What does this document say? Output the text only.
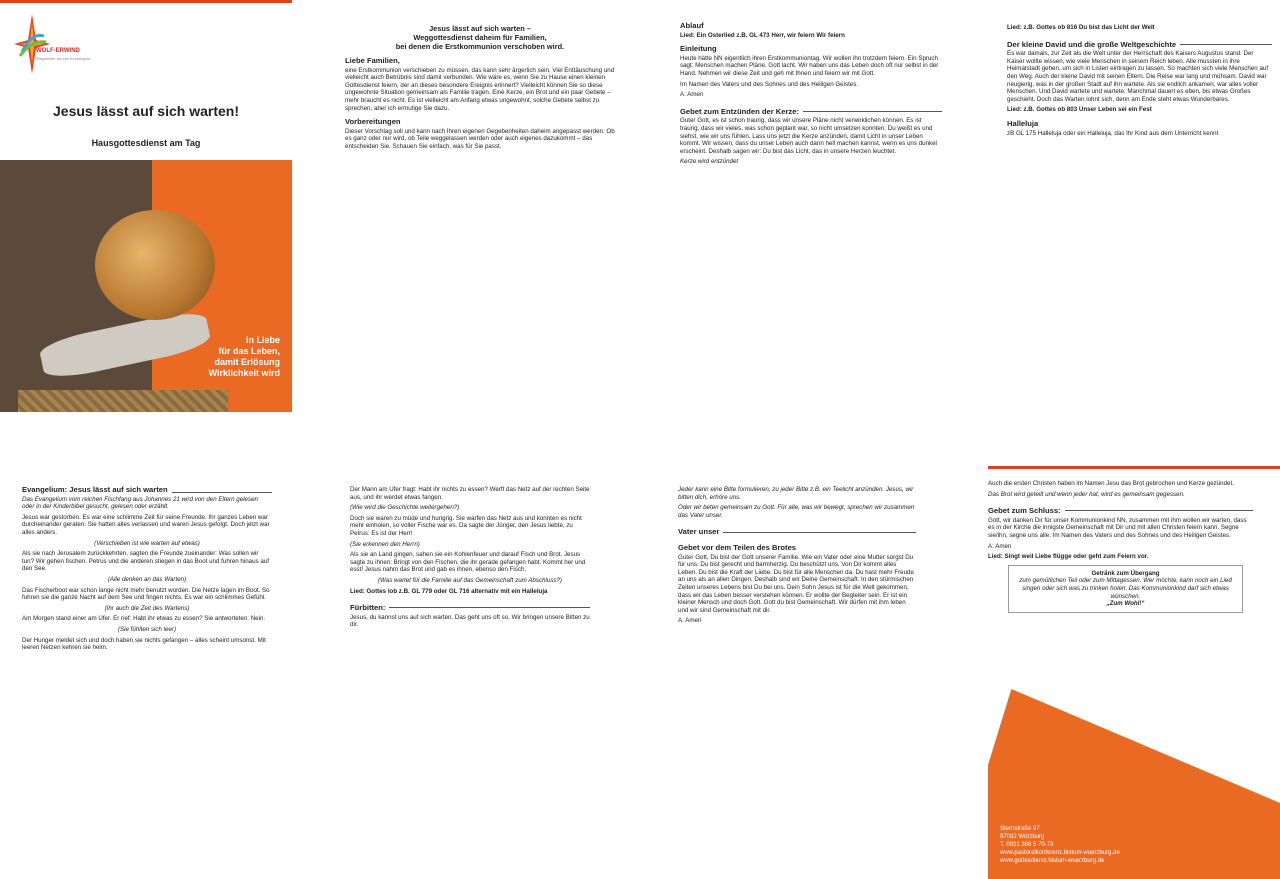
WOLF·ERWIND
Wegweiser durchs Kirchenjahr
Jesus lässt auf sich warten!
Hausgottesdienst am Tag
In Liebe
für das Leben,
damit Erlösung
Wirklichkeit wird
Jesus lässt auf sich warten –
Weggottesdienst daheim für Familien,
bei denen die Erstkommunion verschoben wird.
Liebe Familien,

eine Erstkommunion verschieben zu müssen, das kann sehr ärgerlich sein. Viel Enttäuschung und vielleicht auch Betrübnis sind damit verbunden. Wie wäre es, wenn Sie zu Hause einen kleinen Gottesdienst feiern, der an dieses besondere Ereignis erinnert? Vielleicht können Sie so diese ungewohnte Situation gemeinsam als Familie tragen. Eine Kerze, ein Brot und ein paar Gebete – mehr braucht es nicht. Es ist vielleicht am Anfang etwas ungewohnt, solche Gebete selbst zu sprechen, aber ich ermutige Sie dazu.

Vorbereitungen

Dieser Vorschlag soll und kann nach Ihren eigenen Gegebenheiten daheim angepasst werden. Ob es ganz oder nur wird, ob Teile weggelassen werden oder auch eigenes dazukommt – das entscheiden Sie. Schauen Sie einfach, was für Sie passt.

Ablauf

Lied: Ein Osterlied z.B. GL 473 Herr, wir feiern Wir feiern

Einleitung

Heute hätte NN eigentlich ihren Erstkommuniontag. Wir wollen ihn trotzdem feiern. Ein Spruch sagt: Menschen machen Pläne, Gott lacht. Wir haben uns das Leben doch oft nur selbst in der Hand. Nehmen wir diese Zeit und geh mit Ihnen und feiern wir mit Gott.

Im Namen des Vaters und des Sohnes und des Heiligen Geistes.

A: Amen

Gebet zum Entzünden der Kerze:

Guter Gott, es ist schon traurig, dass wir unsere Pläne nicht verwirklichen können. Es ist traurig, dass wir vieles, was schon geplant war, so nicht umsetzen konnten. Du weißt es und siehst, wie wir uns fühlen. Lass uns jetzt die Kerze anzünden, damit Licht in unser Leben kommt. Wir wissen, dass du unser Leben auch dann hell machen kannst, wenn es uns dunkel erscheint. Deshalb sagen wir: Du bist das Licht, das in unsere Herzen leuchtet.

Kerze wird entzündet

Lied: z.B. Gottes ob 816 Du bist das Licht der Welt

Der kleine David und die große Weltgeschichte

Es war damals, zur Zeit als die Welt unter der Herrschaft des Kaisers Augustus stand. Der Kaiser wollte wissen, wie viele Menschen in seinem Reich leben. Alle mussten in ihre Heimatstadt gehen, um sich in Listen eintragen zu lassen. So machten sich viele Menschen auf den Weg. Auch der kleine David mit seinen Eltern. Die Reise war lang und mühsam. David war neugierig, was in der großen Stadt auf ihn wartete. Als sie endlich ankamen, war alles voller Menschen. Und David wartete und wartete. Manchmal dauert es eben, bis etwas Großes geschieht. Doch das Warten lohnt sich, denn am Ende steht etwas Wunderbares.

Lied: z.B. Gottes ob 803 Unser Leben sei ein Fest

Halleluja

zB GL 175 Halleluja oder ein Halleluja, das Ihr Kind aus dem Unterricht kennt

Evangelium: Jesus lässt auf sich warten

Das Evangelium vom reichen Fischfang aus Johannes 21 wird von den Eltern gelesen oder in der Kinderbibel gesucht, gelesen oder erzählt.

Jesus war gestorben. Es war eine schlimme Zeit für seine Freunde. Ihr ganzes Leben war durcheinander geraten. Sie hatten alles verlassen und waren Jesus gefolgt. Doch jetzt war alles anders.

(Verschieben ist wie warten auf etwas)

Als sie nach Jerusalem zurückkehrten, sagten die Freunde zueinander: Was sollen wir tun? Wir gehen fischen. Petrus und die anderen stiegen in das Boot und fuhren hinaus auf den See.

(Alle denken an das Warten)

Das Fischerboot war schon lange nicht mehr benutzt worden. Die Netze lagen im Boot. So fuhren sie die ganze Nacht auf dem See und fingen nichts. Es war ein schlimmes Gefühl.

(Ihr auch die Zeit des Wartens)

Am Morgen stand einer am Ufer. Er rief: Habt ihr etwas zu essen? Sie antworteten: Nein.

(Sie fühlten sich leer)

Der Hunger meldet sich und doch haben sie nichts gefangen – alles scheint umsonst. Mit leeren Netzen kehren sie heim.

Der Mann am Ufer fragt: Habt ihr nichts zu essen? Werft das Netz auf der rechten Seite aus, und ihr werdet etwas fangen.

(Wie wird die Geschichte weitergehen?)

Doch sie waren zu müde und hungrig. Sie warfen das Netz aus und konnten es nicht mehr einholen, so voller Fische war es. Da sagte der Jünger, den Jesus liebte, zu Petrus: Es ist der Herr!

(Sie erkennen den Herrn)

Als sie an Land gingen, sahen sie ein Kohlenfeuer und darauf Fisch und Brot. Jesus sagte zu ihnen: Bringt von den Fischen, die ihr gerade gefangen habt. Kommt her und esst! Jesus nahm das Brot und gab es ihnen, ebenso den Fisch.

(Was wartet für die Familie auf das Gemeinschaft zum Abschluss?)

Lied: Gottes lob z.B. GL 779 oder GL 716 alternativ mit ein Halleluja

Fürbitten:

Jesus, du kannst uns auf sich warten. Das geht uns oft so. Wir bringen unsere Bitten zu dir.

Jeder kann eine Bitte formulieren, zu jeder Bitte z.B. ein Teelicht anzünden. Jesus, wir bitten dich, erhöre uns.

Oder wir beten gemeinsam zu Gott. Für alle, was wir bewegt, sprechen wir zusammen das Vater unser.

Vater unser
Gebet vor dem Teilen des Brotes

Guter Gott, Du bist der Gott unserer Familie. Wie ein Vater oder eine Mutter sorgst Du für uns. Du bist gerecht und barmherzig. Du beschützt uns. Von Dir kommt alles Leben. Du bist die Kraft der Liebe. Du bist für alle Menschen da. Du hast mehr Freude an uns als an allen Dingen. Deshalb sind wir Deine Gemeinschaft. In den stürmischen Zeiten unseres Lebens bist Du bei uns. Dein Sohn Jesus ist für die Welt gekommen, dass wir das Leben besser verstehen können. Er wollte der Begleiter sein. Er ist ein kleiner Mensch und doch Gott. Gott du bist Gemeinschaft. Wir dürfen mit ihm leben und wir sind Gemeinschaft mit dir.

A: Amen

Auch die ersten Christen haben im Namen Jesu das Brot gebrochen und Kerze gezündet.

Das Brot wird geteilt und wenn jeder hat, wird es gemeinsam gegessen.

Gebet zum Schluss:

Gott, wir danken Dir für unser Kommunionkind NN, zusammen mit ihm wollen wir warten, dass es in der Kirche die innigste Gemeinschaft mit Dir und mit allen Christen feiern kann. Segne sie/ihn, segne uns alle. Im Namen des Vaters und des Sohnes und des Heiligen Geistes.

A: Amen

Lied: Singt weil Liebe flügge oder geht zum Feiern vor.

Getränk zum Übergang
zum gemütlichen Teil oder zum Mittagessen. Wer möchte, kann noch ein Lied singen oder sich was zu trinken holen. Das Kommunionkind darf sich etwas wünschen.
„Zum Wohl!“
Sternstraße 97
97082 Würzburg
T. 0931 386 5 70-73
www.pastoralkonferenz.bistum-wuerzburg.de
www.gottesdienst.bistum-wuerzburg.de
